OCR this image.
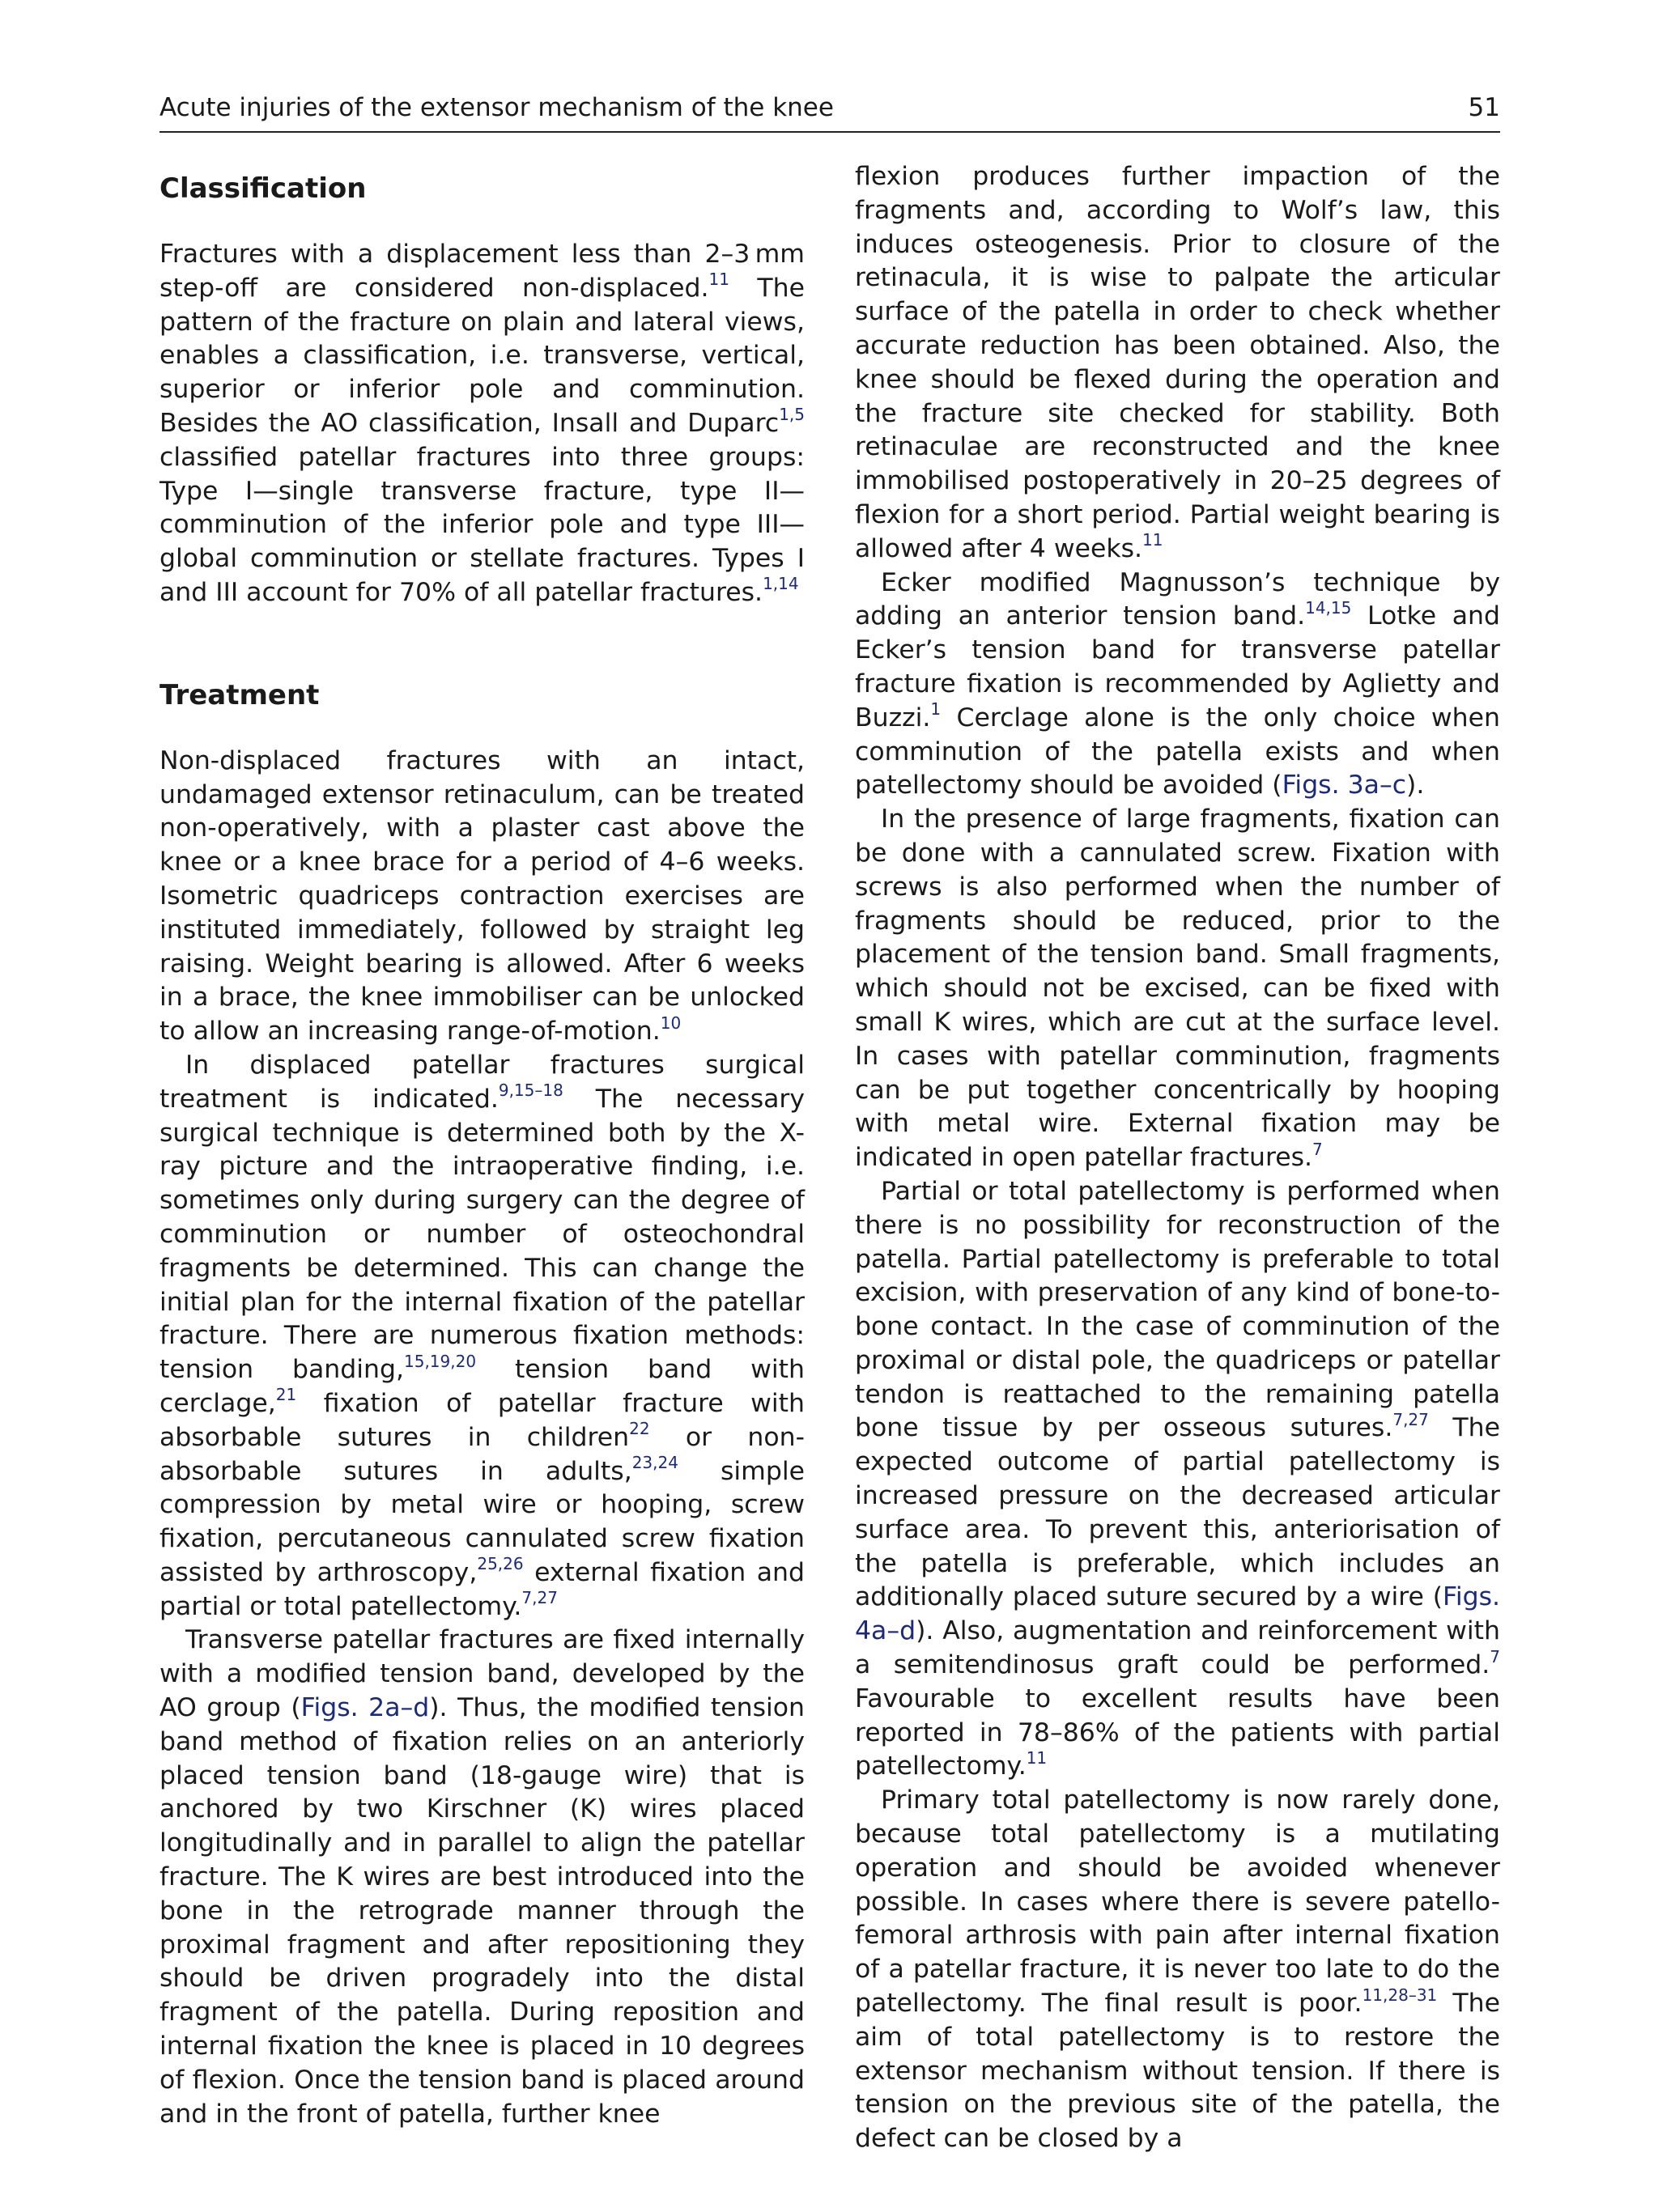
Acute injuries of the extensor mechanism of the knee	51
Classification

Fractures with a displacement less than 2–3 mm step-off are considered non-displaced.$^{11}$ The pattern of the fracture on plain and lateral views, enables a classification, i.e. transverse, vertical, superior or inferior pole and comminution. Besides the AO classification, Insall and Duparc$^{1,5}$ classified patellar fractures into three groups: Type I—single transverse fracture, type II—comminution of the inferior pole and type III—global comminution or stellate fractures. Types I and III account for 70% of all patellar fractures.$^{1,14}$

Treatment

Non-displaced fractures with an intact, undamaged extensor retinaculum, can be treated non-operatively, with a plaster cast above the knee or a knee brace for a period of 4–6 weeks. Isometric quadriceps contraction exercises are instituted immediately, followed by straight leg raising. Weight bearing is allowed. After 6 weeks in a brace, the knee immobiliser can be unlocked to allow an increasing range-of-motion.$^{10}$

In displaced patellar fractures surgical treatment is indicated.$^{9,15-18}$ The necessary surgical technique is determined both by the X-ray picture and the intraoperative finding, i.e. sometimes only during surgery can the degree of comminution or number of osteochondral fragments be determined. This can change the initial plan for the internal fixation of the patellar fracture. There are numerous fixation methods: tension banding,$^{15,19,20}$ tension band with cerclage,$^{21}$ fixation of patellar fracture with absorbable sutures in children$^{22}$ or non-absorbable sutures in adults,$^{23,24}$ simple compression by metal wire or hooping, screw fixation, percutaneous cannulated screw fixation assisted by arthroscopy,$^{25,26}$ external fixation and partial or total patellectomy.$^{7,27}$

Transverse patellar fractures are fixed internally with a modified tension band, developed by the AO group (Figs. 2a–d). Thus, the modified tension band method of fixation relies on an anteriorly placed tension band (18-gauge wire) that is anchored by two Kirschner (K) wires placed longitudinally and in parallel to align the patellar fracture. The K wires are best introduced into the bone in the retrograde manner through the proximal fragment and after repositioning they should be driven progradely into the distal fragment of the patella. During reposition and internal fixation the knee is placed in 10 degrees of flexion. Once the tension band is placed around and in the front of patella, further knee

flexion produces further impaction of the fragments and, according to Wolf’s law, this induces osteogenesis. Prior to closure of the retinacula, it is wise to palpate the articular surface of the patella in order to check whether accurate reduction has been obtained. Also, the knee should be flexed during the operation and the fracture site checked for stability. Both retinaculae are reconstructed and the knee immobilised postoperatively in 20–25 degrees of flexion for a short period. Partial weight bearing is allowed after 4 weeks.$^{11}$

Ecker modified Magnusson’s technique by adding an anterior tension band.$^{14,15}$ Lotke and Ecker’s tension band for transverse patellar fracture fixation is recommended by Aglietty and Buzzi.$^1$ Cerclage alone is the only choice when comminution of the patella exists and when patellectomy should be avoided (Figs. 3a–c).

In the presence of large fragments, fixation can be done with a cannulated screw. Fixation with screws is also performed when the number of fragments should be reduced, prior to the placement of the tension band. Small fragments, which should not be excised, can be fixed with small K wires, which are cut at the surface level. In cases with patellar comminution, fragments can be put together concentrically by hooping with metal wire. External fixation may be indicated in open patellar fractures.$^7$

Partial or total patellectomy is performed when there is no possibility for reconstruction of the patella. Partial patellectomy is preferable to total excision, with preservation of any kind of bone-to-bone contact. In the case of comminution of the proximal or distal pole, the quadriceps or patellar tendon is reattached to the remaining patella bone tissue by per osseous sutures.$^{7,27}$ The expected outcome of partial patellectomy is increased pressure on the decreased articular surface area. To prevent this, anteriorisation of the patella is preferable, which includes an additionally placed suture secured by a wire (Figs. 4a–d). Also, augmentation and reinforcement with a semitendinosus graft could be performed.$^7$ Favourable to excellent results have been reported in 78–86% of the patients with partial patellectomy.$^{11}$

Primary total patellectomy is now rarely done, because total patellectomy is a mutilating operation and should be avoided whenever possible. In cases where there is severe patello-femoral arthrosis with pain after internal fixation of a patellar fracture, it is never too late to do the patellectomy. The final result is poor.$^{11,28-31}$ The aim of total patellectomy is to restore the extensor mechanism without tension. If there is tension on the previous site of the patella, the defect can be closed by a
